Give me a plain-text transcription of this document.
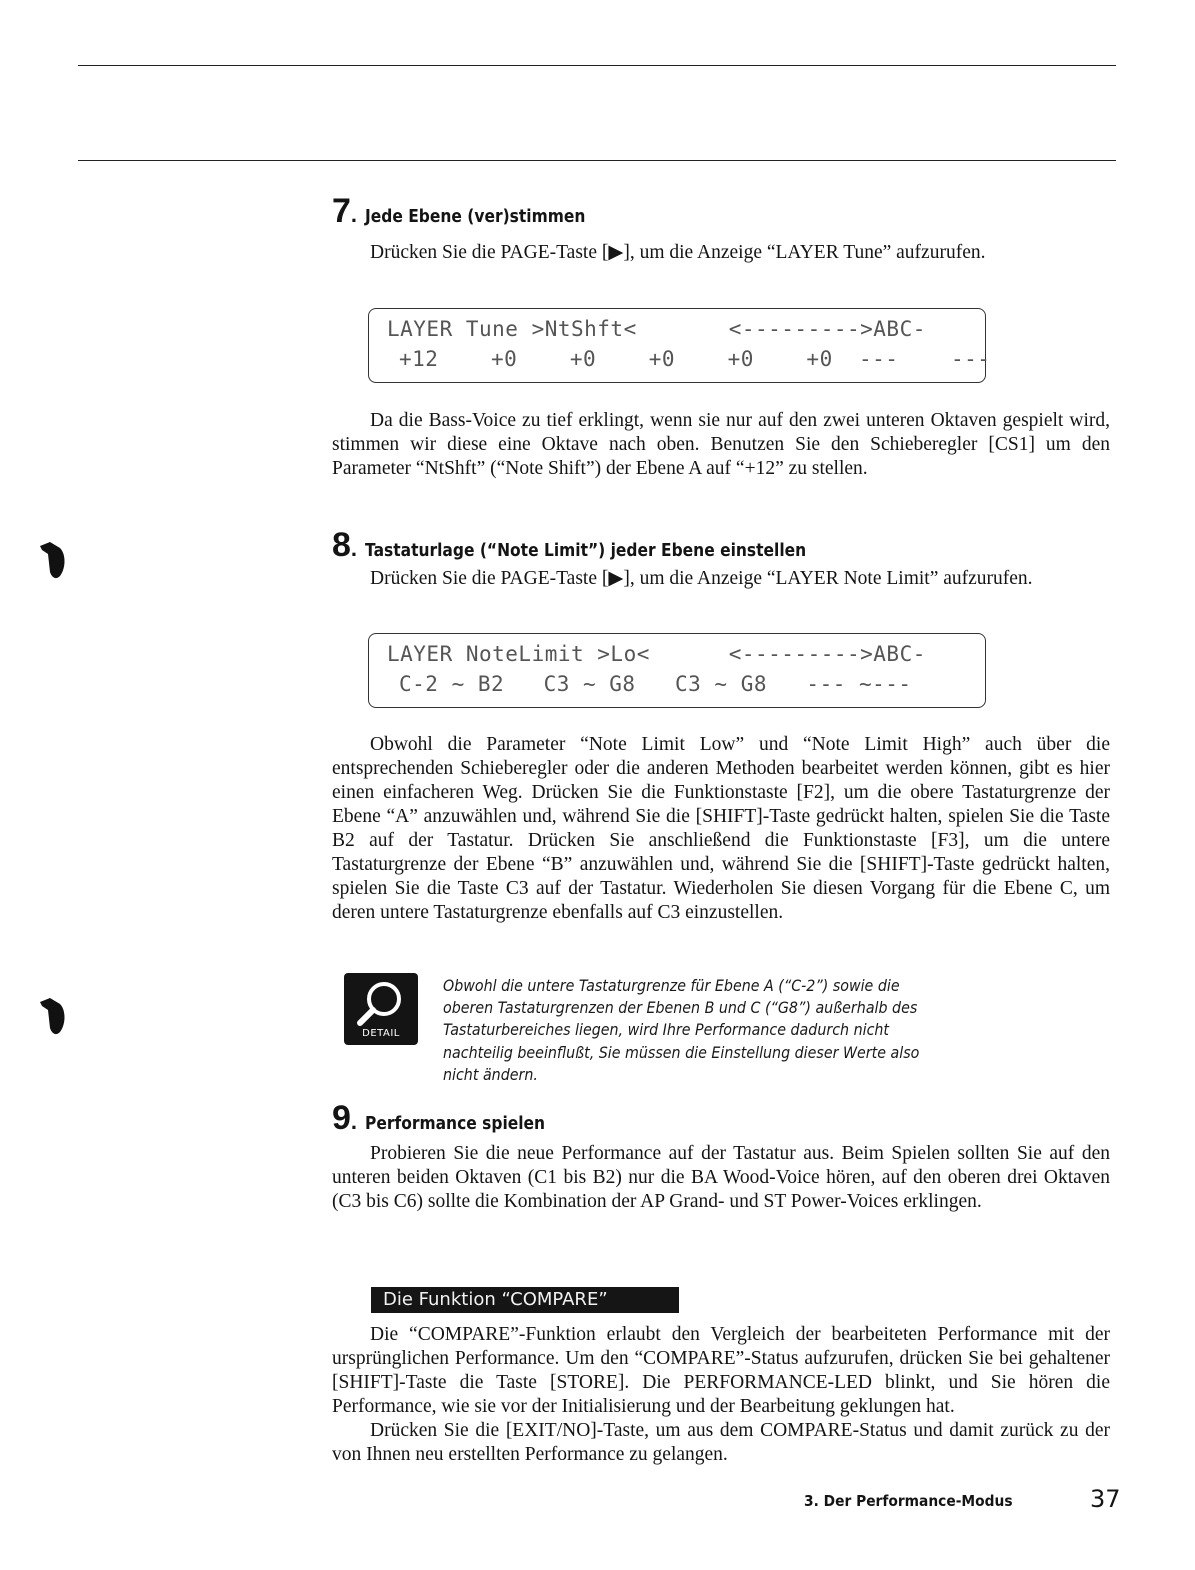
7 . Jede Ebene (ver)stimmen

Drücken Sie die PAGE-Taste [▶], um die Anzeige “LAYER Tune” aufzurufen.

LAYER Tune >NtShft<       <--------->ABC-
+12    +0    +0    +0    +0    +0  ---    ---

Da die Bass-Voice zu tief erklingt, wenn sie nur auf den zwei unteren Oktaven gespielt wird, stimmen wir diese eine Oktave nach oben. Benutzen Sie den Schieberegler [CS1] um den Parameter “NtShft” (“Note Shift”) der Ebene A auf “+12” zu stellen.

8 . Tastaturlage (“Note Limit”) jeder Ebene einstellen

Drücken Sie die PAGE-Taste [▶], um die Anzeige “LAYER Note Limit” aufzurufen.

LAYER NoteLimit >Lo<      <--------->ABC-
C-2 ~ B2   C3 ~ G8   C3 ~ G8   --- ~---

Obwohl die Parameter “Note Limit Low” und “Note Limit High” auch über die entsprechenden Schieberegler oder die anderen Methoden bearbeitet werden können, gibt es hier einen einfacheren Weg. Drücken Sie die Funktionstaste [F2], um die obere Tastaturgrenze der Ebene “A” anzuwählen und, während Sie die [SHIFT]-Taste gedrückt halten, spielen Sie die Taste B2 auf der Tastatur. Drücken Sie anschließend die Funktionstaste [F3], um die untere Tastaturgrenze der Ebene “B” anzuwählen und, während Sie die [SHIFT]-Taste gedrückt halten, spielen Sie die Taste C3 auf der Tastatur. Wiederholen Sie diesen Vorgang für die Ebene C, um deren untere Tastaturgrenze ebenfalls auf C3 einzustellen.

DETAIL
Obwohl die untere Tastaturgrenze für Ebene A (“C-2”) sowie die oberen Tastaturgrenzen der Ebenen B und C (“G8”) außerhalb des Tastaturbereiches liegen, wird Ihre Performance dadurch nicht nachteilig beeinflußt, Sie müssen die Einstellung dieser Werte also nicht ändern.
9 . Performance spielen

Probieren Sie die neue Performance auf der Tastatur aus. Beim Spielen sollten Sie auf den unteren beiden Oktaven (C1 bis B2) nur die BA Wood-Voice hören, auf den oberen drei Oktaven (C3 bis C6) sollte die Kombination der AP Grand- und ST Power-Voices erklingen.

Die Funktion “COMPARE”

Die “COMPARE”-Funktion erlaubt den Vergleich der bearbeiteten Performance mit der ursprünglichen Performance. Um den “COMPARE”-Status aufzurufen, drücken Sie bei gehaltener [SHIFT]-Taste die Taste [STORE]. Die PERFORMANCE-LED blinkt, und Sie hören die Performance, wie sie vor der Initialisierung und der Bearbeitung geklungen hat.

Drücken Sie die [EXIT/NO]-Taste, um aus dem COMPARE-Status und damit zurück zu der von Ihnen neu erstellten Performance zu gelangen.

3. Der Performance-Modus	37
